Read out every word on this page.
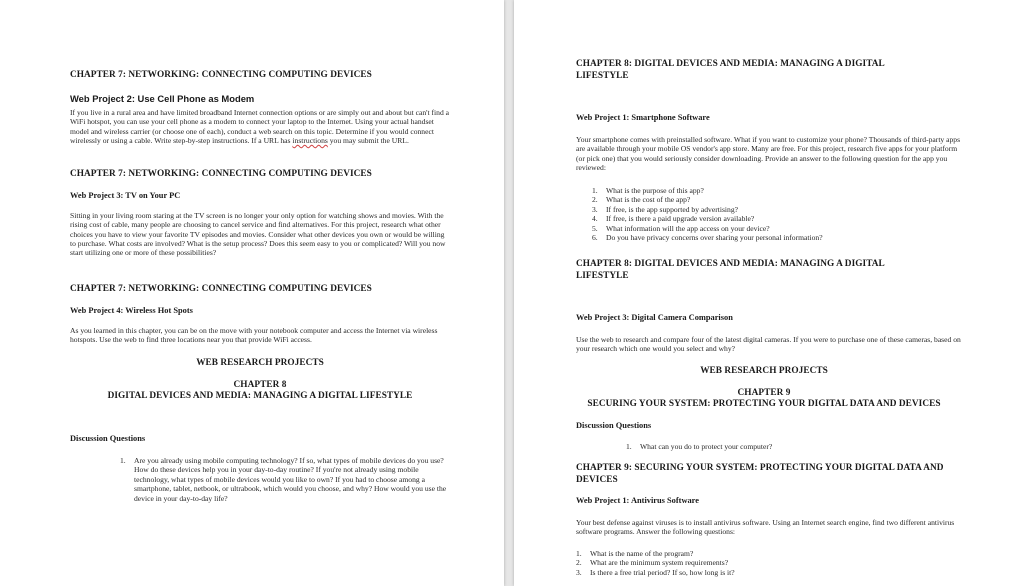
CHAPTER 7: NETWORKING: CONNECTING COMPUTING DEVICES
Web Project 2: Use Cell Phone as Modem
If you live in a rural area and have limited broadband Internet connection options or are simply out and about but can't find a WiFi hotspot, you can use your cell phone as a modem to connect your laptop to the Internet. Using your actual handset model and wireless carrier (or choose one of each), conduct a web search on this topic. Determine if you would connect wirelessly or using a cable. Write step-by-step instructions. If a URL has instructions you may submit the URL.
CHAPTER 7: NETWORKING: CONNECTING COMPUTING DEVICES
Web Project 3: TV on Your PC
Sitting in your living room staring at the TV screen is no longer your only option for watching shows and movies. With the rising cost of cable, many people are choosing to cancel service and find alternatives. For this project, research what other choices you have to view your favorite TV episodes and movies. Consider what other devices you own or would be willing to purchase. What costs are involved? What is the setup process? Does this seem easy to you or complicated? Will you now start utilizing one or more of these possibilities?
CHAPTER 7: NETWORKING: CONNECTING COMPUTING DEVICES
Web Project 4: Wireless Hot Spots
As you learned in this chapter, you can be on the move with your notebook computer and access the Internet via wireless hotspots. Use the web to find three locations near you that provide WiFi access.
WEB RESEARCH PROJECTS
CHAPTER 8
DIGITAL DEVICES AND MEDIA: MANAGING A DIGITAL LIFESTYLE
Discussion Questions
1. Are you already using mobile computing technology? If so, what types of mobile devices do you use? How do these devices help you in your day-to-day routine? If you're not already using mobile technology, what types of mobile devices would you like to own? If you had to choose among a smartphone, tablet, netbook, or ultrabook, which would you choose, and why? How would you use the device in your day-to-day life?
CHAPTER 8: DIGITAL DEVICES AND MEDIA: MANAGING A DIGITAL LIFESTYLE
Web Project 1: Smartphone Software
Your smartphone comes with preinstalled software. What if you want to customize your phone? Thousands of third-party apps are available through your mobile OS vendor's app store. Many are free. For this project, research five apps for your platform (or pick one) that you would seriously consider downloading. Provide an answer to the following question for the app you reviewed:
1. What is the purpose of this app?
2. What is the cost of the app?
3. If free, is the app supported by advertising?
4. If free, is there a paid upgrade version available?
5. What information will the app access on your device?
6. Do you have privacy concerns over sharing your personal information?
CHAPTER 8: DIGITAL DEVICES AND MEDIA: MANAGING A DIGITAL LIFESTYLE
Web Project 3: Digital Camera Comparison
Use the web to research and compare four of the latest digital cameras. If you were to purchase one of these cameras, based on your research which one would you select and why?
WEB RESEARCH PROJECTS
CHAPTER 9
SECURING YOUR SYSTEM: PROTECTING YOUR DIGITAL DATA AND DEVICES
Discussion Questions
1. What can you do to protect your computer?
CHAPTER 9: SECURING YOUR SYSTEM: PROTECTING YOUR DIGITAL DATA AND DEVICES
Web Project 1: Antivirus Software
Your best defense against viruses is to install antivirus software. Using an Internet search engine, find two different antivirus software programs. Answer the following questions:
1. What is the name of the program?
2. What are the minimum system requirements?
3. Is there a free trial period? If so, how long is it?
